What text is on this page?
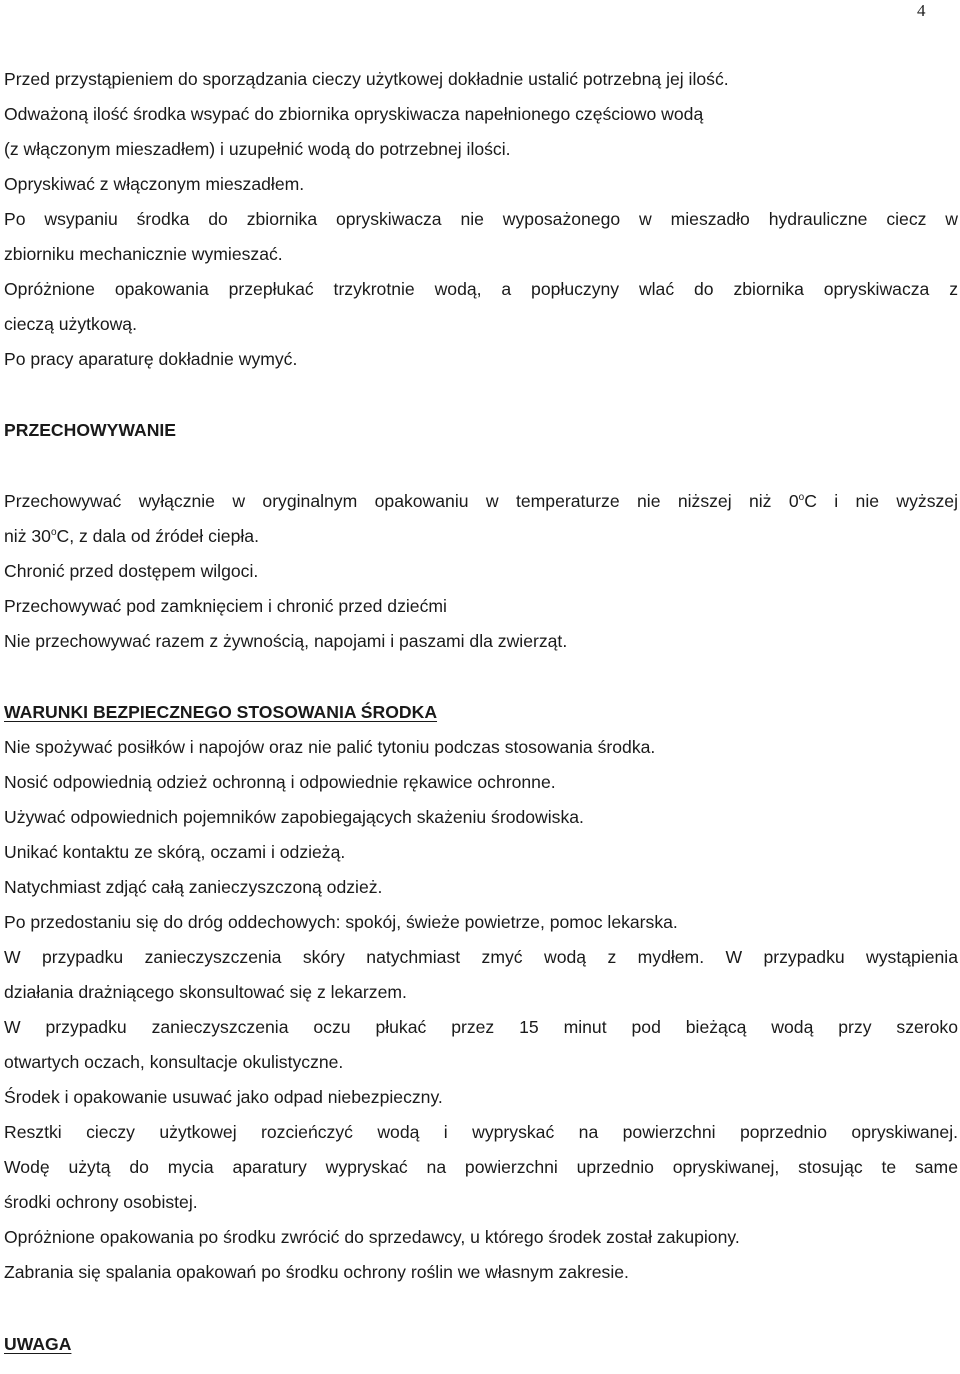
4

Przed przystąpieniem do sporządzania cieczy użytkowej dokładnie ustalić potrzebną jej ilość.

Odważoną ilość środka wsypać do zbiornika opryskiwacza napełnionego częściowo wodą

(z włączonym mieszadłem) i uzupełnić wodą do potrzebnej ilości.

Opryskiwać z włączonym mieszadłem.

Po wsypaniu środka do zbiornika opryskiwacza nie wyposażonego w mieszadło hydrauliczne ciecz w

zbiorniku mechanicznie wymieszać.

Opróżnione opakowania przepłukać trzykrotnie wodą, a popłuczyny wlać do zbiornika opryskiwacza z

cieczą użytkową.

Po pracy aparaturę dokładnie wymyć.

PRZECHOWYWANIE

Przechowywać wyłącznie w oryginalnym opakowaniu w temperaturze nie niższej niż 0$^o$C i nie wyższej

niż 30$^o$C, z dala od źródeł ciepła.

Chronić przed dostępem wilgoci.

Przechowywać pod zamknięciem i chronić przed dziećmi

Nie przechowywać razem z żywnością, napojami i paszami dla zwierząt.

WARUNKI BEZPIECZNEGO STOSOWANIA ŚRODKA

Nie spożywać posiłków i napojów oraz nie palić tytoniu podczas stosowania środka.

Nosić odpowiednią odzież ochronną i odpowiednie rękawice ochronne.

Używać odpowiednich pojemników zapobiegających skażeniu środowiska.

Unikać kontaktu ze skórą, oczami i odzieżą.

Natychmiast zdjąć całą zanieczyszczoną odzież.

Po przedostaniu się do dróg oddechowych: spokój, świeże powietrze, pomoc lekarska.

W przypadku zanieczyszczenia skóry natychmiast zmyć wodą z mydłem. W przypadku wystąpienia

działania drażniącego skonsultować się z lekarzem.

W przypadku zanieczyszczenia oczu płukać przez 15 minut pod bieżącą wodą przy szeroko

otwartych oczach, konsultacje okulistyczne.

Środek i opakowanie usuwać jako odpad niebezpieczny.

Resztki cieczy użytkowej rozcieńczyć wodą i wypryskać na powierzchni poprzednio opryskiwanej.

Wodę użytą do mycia aparatury wypryskać na powierzchni uprzednio opryskiwanej, stosując te same

środki ochrony osobistej.

Opróżnione opakowania po środku zwrócić do sprzedawcy, u którego środek został zakupiony.

Zabrania się spalania opakowań po środku ochrony roślin we własnym zakresie.

UWAGA
